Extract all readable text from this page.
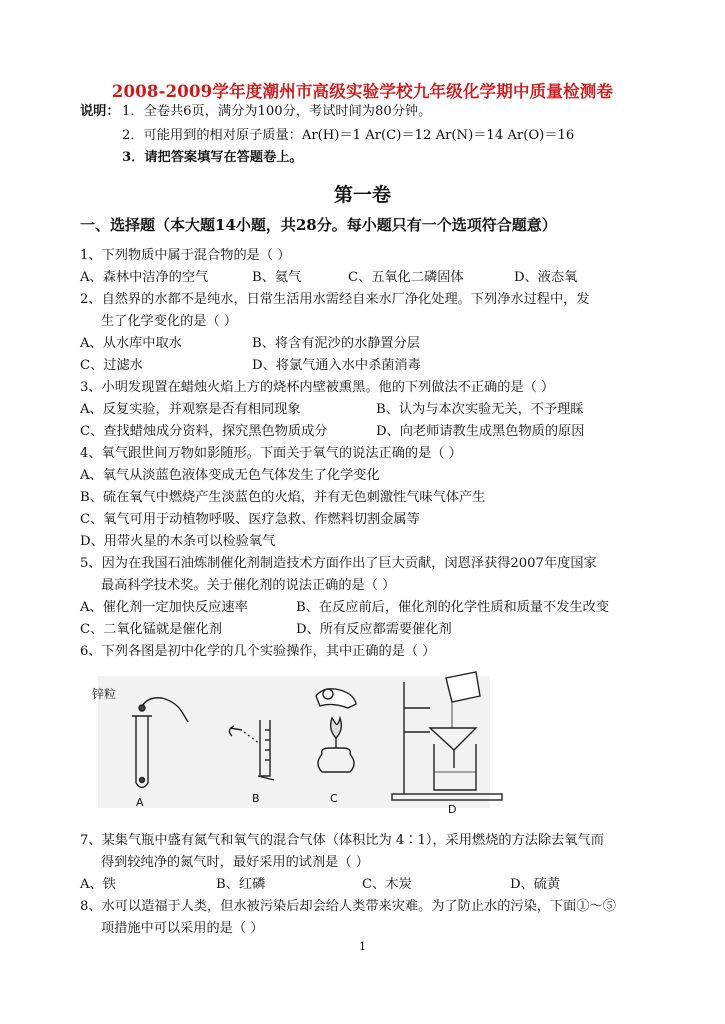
2008-2009学年度潮州市高级实验学校九年级化学期中质量检测卷
说明： 1．全卷共6页，满分为100分，考试时间为80分钟。
2．可能用到的相对原子质量：Ar(H)＝1 Ar(C)＝12 Ar(N)＝14 Ar(O)＝16
3．请把答案填写在答题卷上。
第一卷
一、选择题（本大题14小题，共28分。每小题只有一个选项符合题意）
1、下列物质中属于混合物的是（ ）
A、森林中洁净的空气	B、氦气	C、五氧化二磷固体	D、液态氧
2、自然界的水都不是纯水，日常生活用水需经自来水厂净化处理。下列净水过程中，发
生了化学变化的是（ ）
A、从水库中取水	B、将含有泥沙的水静置分层
C、过滤水	D、将氯气通入水中杀菌消毒
3、小明发现置在蜡烛火焰上方的烧杯内壁被熏黑。他的下列做法不正确的是（ ）
A、反复实验，并观察是否有相同现象	B、认为与本次实验无关，不予理睬
C、查找蜡烛成分资料，探究黑色物质成分	D、向老师请教生成黑色物质的原因
4、氧气跟世间万物如影随形。下面关于氧气的说法正确的是（ ）
A、氧气从淡蓝色液体变成无色气体发生了化学变化
B、硫在氧气中燃烧产生淡蓝色的火焰，并有无色刺激性气味气体产生
C、氧气可用于动植物呼吸、医疗急救、作燃料切割金属等
D、用带火星的木条可以检验氧气
5、因为在我国石油炼制催化剂制造技术方面作出了巨大贡献，闵恩泽获得2007年度国家
最高科学技术奖。关于催化剂的说法正确的是（ ）
A、催化剂一定加快反应速率	B、在反应前后，催化剂的化学性质和质量不发生改变
C、二氧化锰就是催化剂	D、所有反应都需要催化剂
6、下列各图是初中化学的几个实验操作，其中正确的是（ ）
锌粒
A	B	C
D
7、某集气瓶中盛有氮气和氧气的混合气体（体积比为 4∶1），采用燃烧的方法除去氧气而
得到较纯净的氮气时，最好采用的试剂是（ ）
A、铁	B、红磷	C、木炭	D、硫黄
8、水可以造福于人类，但水被污染后却会给人类带来灾难。为了防止水的污染，下面①～⑤
项措施中可以采用的是（ ）
1
